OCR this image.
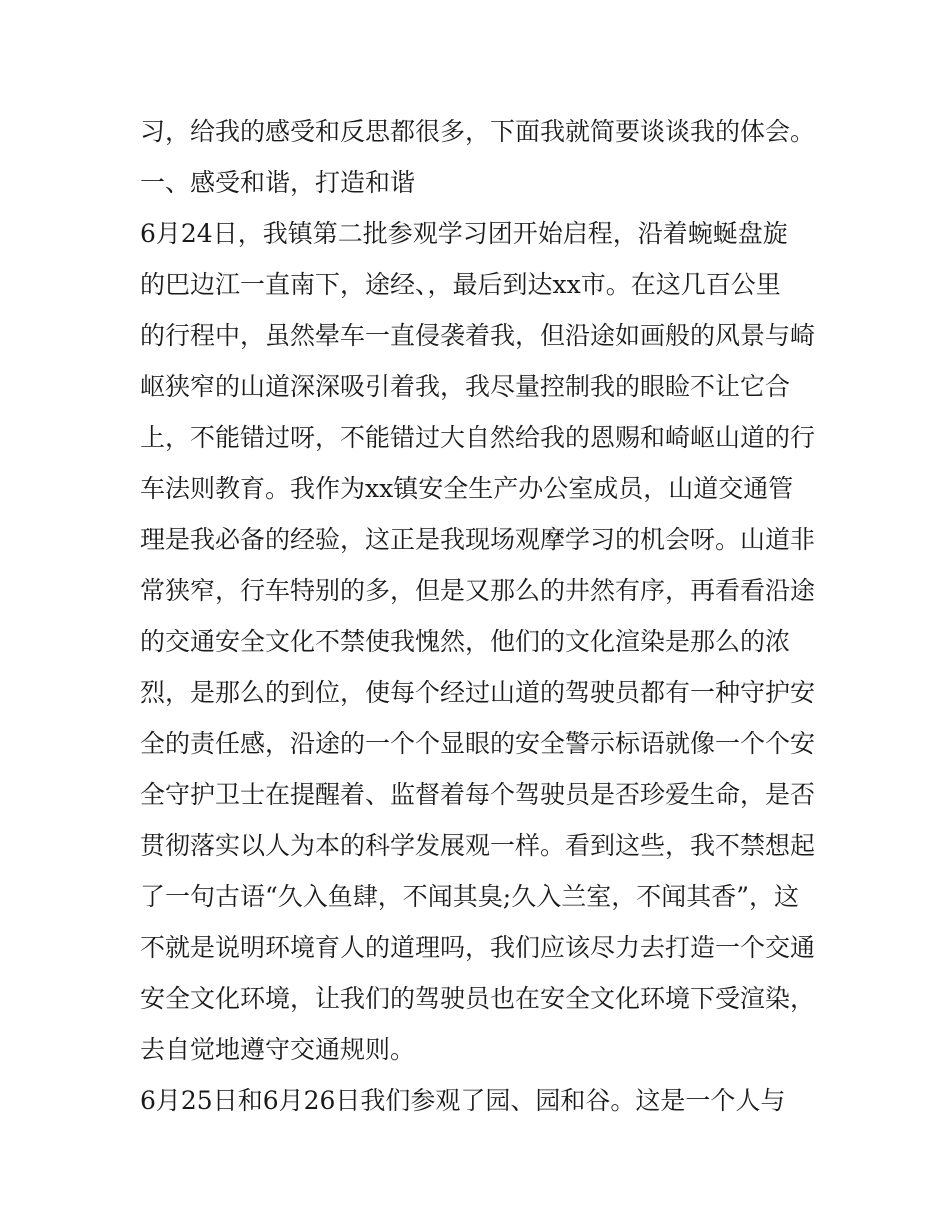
习，给我的感受和反思都很多，下面我就简要谈谈我的体会。
一、感受和谐，打造和谐
6月24日，我镇第二批参观学习团开始启程，沿着蜿蜒盘旋
的巴边江一直南下，途经、，最后到达xx市。在这几百公里
的行程中，虽然晕车一直侵袭着我，但沿途如画般的风景与崎
岖狭窄的山道深深吸引着我，我尽量控制我的眼睑不让它合
上，不能错过呀，不能错过大自然给我的恩赐和崎岖山道的行
车法则教育。我作为xx镇安全生产办公室成员，山道交通管
理是我必备的经验，这正是我现场观摩学习的机会呀。山道非
常狭窄，行车特别的多，但是又那么的井然有序，再看看沿途
的交通安全文化不禁使我愧然，他们的文化渲染是那么的浓
烈，是那么的到位，使每个经过山道的驾驶员都有一种守护安
全的责任感，沿途的一个个显眼的安全警示标语就像一个个安
全守护卫士在提醒着、监督着每个驾驶员是否珍爱生命，是否
贯彻落实以人为本的科学发展观一样。看到这些，我不禁想起
了一句古语“久入鱼肆，不闻其臭;久入兰室，不闻其香”，这
不就是说明环境育人的道理吗，我们应该尽力去打造一个交通
安全文化环境，让我们的驾驶员也在安全文化环境下受渲染，
去自觉地遵守交通规则。
6月25日和6月26日我们参观了园、园和谷。这是一个人与
